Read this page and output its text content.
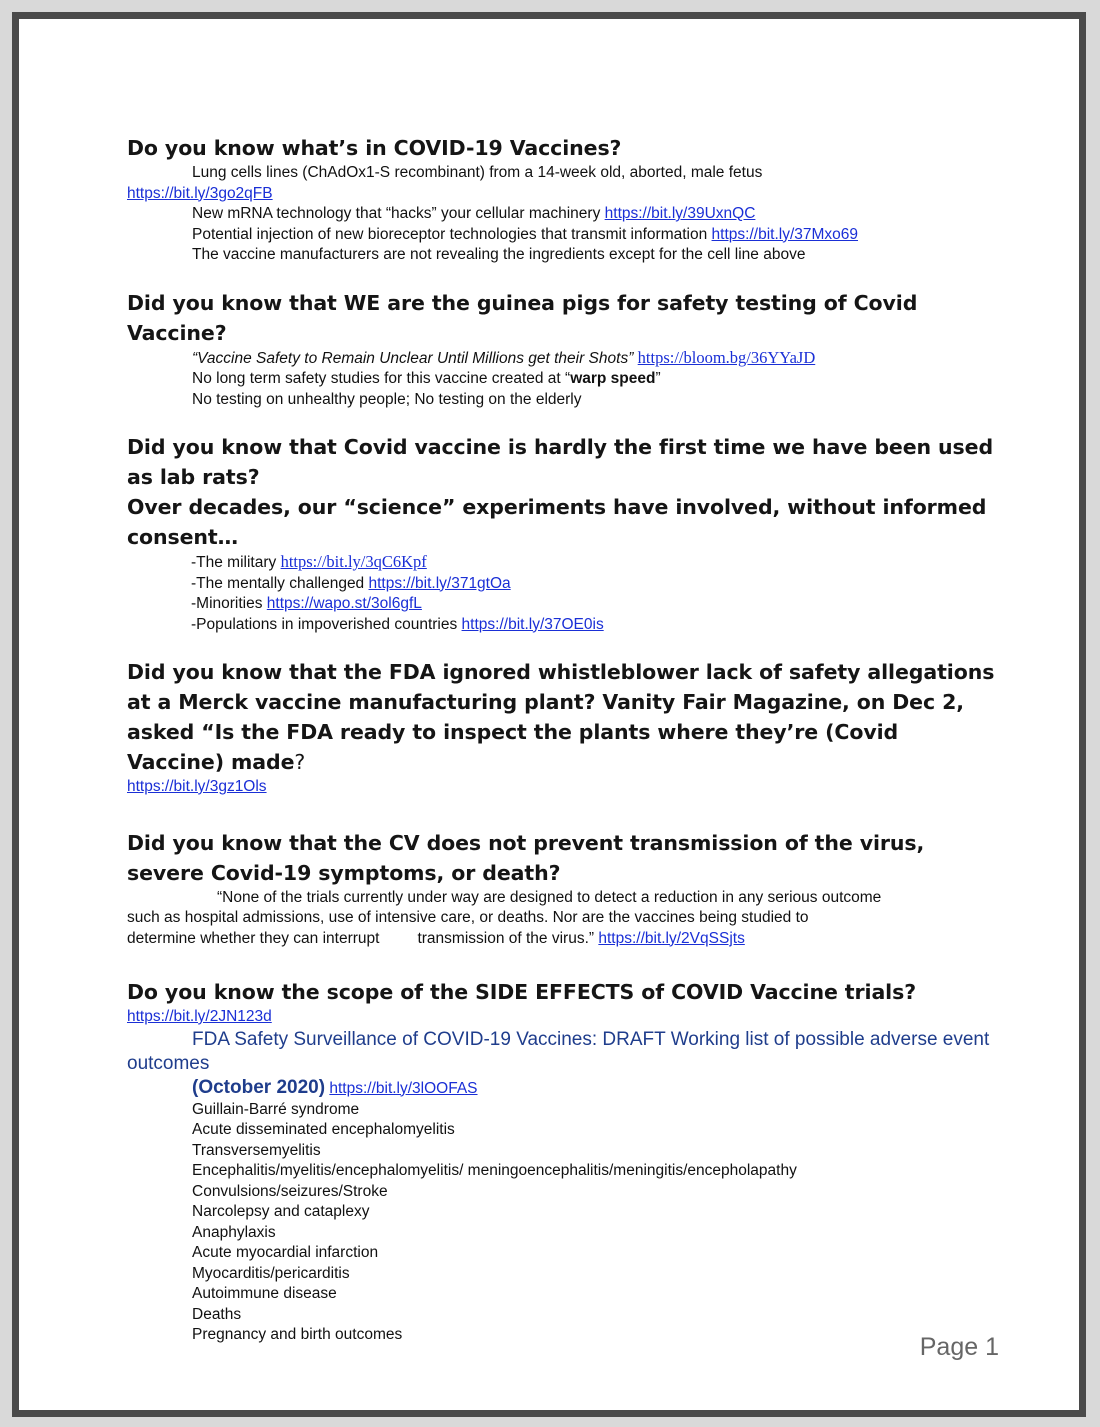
Do you know what’s in COVID-19 Vaccines?
Lung cells lines (ChAdOx1-S recombinant) from a 14-week old, aborted, male fetus
https://bit.ly/3go2qFB
New mRNA technology that “hacks” your cellular machinery https://bit.ly/39UxnQC
Potential injection of new bioreceptor technologies that transmit information https://bit.ly/37Mxo69
The vaccine manufacturers are not revealing the ingredients except for the cell line above
Did you know that WE are the guinea pigs for safety testing of Covid Vaccine?
“Vaccine Safety to Remain Unclear Until Millions get their Shots” https://bloom.bg/36YYaJD
No long term safety studies for this vaccine created at “warp speed”
No testing on unhealthy people; No testing on the elderly
Did you know that Covid vaccine is hardly the first time we have been used as lab rats?
Over decades, our “science” experiments have involved, without informed consent…
-The military https://bit.ly/3qC6Kpf
-The mentally challenged https://bit.ly/371gtOa
-Minorities https://wapo.st/3ol6gfL
-Populations in impoverished countries https://bit.ly/37OE0is
Did you know that the FDA ignored whistleblower lack of safety allegations at a Merck vaccine manufacturing plant? Vanity Fair Magazine, on Dec 2, asked “Is the FDA ready to inspect the plants where they’re (Covid Vaccine) made?
https://bit.ly/3gz1Ols
Did you know that the CV does not prevent transmission of the virus, severe Covid-19 symptoms, or death?
“None of the trials currently under way are designed to detect a reduction in any serious outcome
such as hospital admissions, use of intensive care, or deaths. Nor are the vaccines being studied to
determine whether they can interrupt transmission of the virus.” https://bit.ly/2VqSSjts
Do you know the scope of the SIDE EFFECTS of COVID Vaccine trials?
https://bit.ly/2JN123d
FDA Safety Surveillance of COVID-19 Vaccines: DRAFT Working list of possible adverse event outcomes
(October 2020) https://bit.ly/3lOOFAS
Guillain-Barré syndrome
Acute disseminated encephalomyelitis
Transversemyelitis
Encephalitis/myelitis/encephalomyelitis/ meningoencephalitis/meningitis/encepholapathy
Convulsions/seizures/Stroke
Narcolepsy and cataplexy
Anaphylaxis
Acute myocardial infarction
Myocarditis/pericarditis
Autoimmune disease
Deaths
Pregnancy and birth outcomes	Page 1
